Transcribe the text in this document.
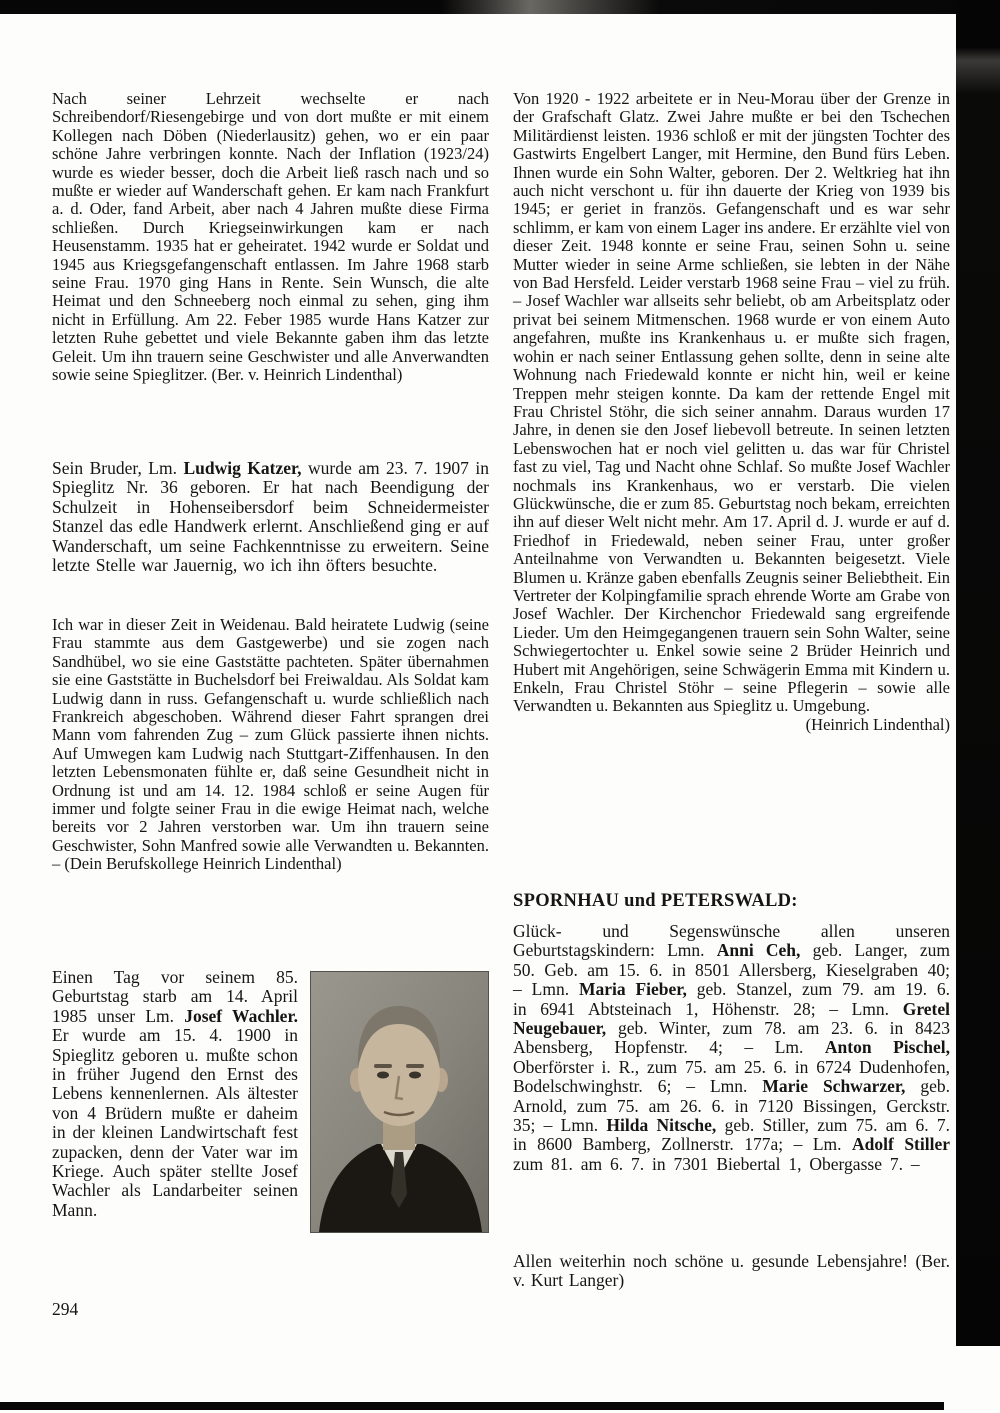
Nach seiner Lehrzeit wechselte er nach Schreibendorf/Riesengebirge und von dort mußte er mit einem Kollegen nach Döben (Niederlausitz) gehen, wo er ein paar schöne Jahre verbringen konnte. Nach der Inflation (1923/24) wurde es wieder besser, doch die Arbeit ließ rasch nach und so mußte er wieder auf Wanderschaft gehen. Er kam nach Frankfurt a. d. Oder, fand Arbeit, aber nach 4 Jahren mußte diese Firma schließen. Durch Kriegseinwirkungen kam er nach Heusenstamm. 1935 hat er geheiratet. 1942 wurde er Soldat und 1945 aus Kriegsgefangenschaft entlassen. Im Jahre 1968 starb seine Frau. 1970 ging Hans in Rente. Sein Wunsch, die alte Heimat und den Schneeberg noch einmal zu sehen, ging ihm nicht in Erfüllung. Am 22. Feber 1985 wurde Hans Katzer zur letzten Ruhe gebettet und viele Bekannte gaben ihm das letzte Geleit. Um ihn trauern seine Geschwister und alle Anverwandten sowie seine Spieglitzer. (Ber. v. Heinrich Lindenthal)
Sein Bruder, Lm. Ludwig Katzer, wurde am 23. 7. 1907 in Spieglitz Nr. 36 geboren. Er hat nach Beendigung der Schulzeit in Hohenseibersdorf beim Schneidermeister Stanzel das edle Handwerk erlernt. Anschließend ging er auf Wanderschaft, um seine Fachkenntnisse zu erweitern. Seine letzte Stelle war Jauernig, wo ich ihn öfters besuchte.
Ich war in dieser Zeit in Weidenau. Bald heiratete Ludwig (seine Frau stammte aus dem Gastgewerbe) und sie zogen nach Sandhübel, wo sie eine Gaststätte pachteten. Später übernahmen sie eine Gaststätte in Buchelsdorf bei Freiwaldau. Als Soldat kam Ludwig dann in russ. Gefangenschaft u. wurde schließlich nach Frankreich abgeschoben. Während dieser Fahrt sprangen drei Mann vom fahrenden Zug – zum Glück passierte ihnen nichts. Auf Umwegen kam Ludwig nach Stuttgart-Ziffenhausen. In den letzten Lebensmonaten fühlte er, daß seine Gesundheit nicht in Ordnung ist und am 14. 12. 1984 schloß er seine Augen für immer und folgte seiner Frau in die ewige Heimat nach, welche bereits vor 2 Jahren verstorben war. Um ihn trauern seine Geschwister, Sohn Manfred sowie alle Verwandten u. Bekannten. – (Dein Berufskollege Heinrich Lindenthal)
Einen Tag vor seinem 85. Geburtstag starb am 14. April 1985 unser Lm. Josef Wachler. Er wurde am 15. 4. 1900 in Spieglitz geboren u. mußte schon in früher Jugend den Ernst des Lebens kennenlernen. Als ältester von 4 Brüdern mußte er daheim in der kleinen Landwirtschaft fest zupacken, denn der Vater war im Kriege. Auch später stellte Josef Wachler als Landarbeiter seinen Mann.
294
Von 1920 - 1922 arbeitete er in Neu-Morau über der Grenze in der Grafschaft Glatz. Zwei Jahre mußte er bei den Tschechen Militärdienst leisten. 1936 schloß er mit der jüngsten Tochter des Gastwirts Engelbert Langer, mit Hermine, den Bund fürs Leben. Ihnen wurde ein Sohn Walter, geboren. Der 2. Weltkrieg hat ihn auch nicht verschont u. für ihn dauerte der Krieg von 1939 bis 1945; er geriet in französ. Gefangenschaft und es war sehr schlimm, er kam von einem Lager ins andere. Er erzählte viel von dieser Zeit. 1948 konnte er seine Frau, seinen Sohn u. seine Mutter wieder in seine Arme schließen, sie lebten in der Nähe von Bad Hersfeld. Leider verstarb 1968 seine Frau – viel zu früh. – Josef Wachler war allseits sehr beliebt, ob am Arbeitsplatz oder privat bei seinem Mitmenschen. 1968 wurde er von einem Auto angefahren, mußte ins Krankenhaus u. er mußte sich fragen, wohin er nach seiner Entlassung gehen sollte, denn in seine alte Wohnung nach Friedewald konnte er nicht hin, weil er keine Treppen mehr steigen konnte. Da kam der rettende Engel mit Frau Christel Stöhr, die sich seiner annahm. Daraus wurden 17 Jahre, in denen sie den Josef liebevoll betreute. In seinen letzten Lebenswochen hat er noch viel gelitten u. das war für Christel fast zu viel, Tag und Nacht ohne Schlaf. So mußte Josef Wachler nochmals ins Krankenhaus, wo er verstarb. Die vielen Glückwünsche, die er zum 85. Geburtstag noch bekam, erreichten ihn auf dieser Welt nicht mehr. Am 17. April d. J. wurde er auf d. Friedhof in Friedewald, neben seiner Frau, unter großer Anteilnahme von Verwandten u. Bekannten beigesetzt. Viele Blumen u. Kränze gaben ebenfalls Zeugnis seiner Beliebtheit. Ein Vertreter der Kolpingfamilie sprach ehrende Worte am Grabe von Josef Wachler. Der Kirchenchor Friedewald sang ergreifende Lieder. Um den Heimgegangenen trauern sein Sohn Walter, seine Schwiegertochter u. Enkel sowie seine 2 Brüder Heinrich und Hubert mit Angehörigen, seine Schwägerin Emma mit Kindern u. Enkeln, Frau Christel Stöhr – seine Pflegerin – sowie alle Verwandten u. Bekannten aus Spieglitz u. Umgebung.
(Heinrich Lindenthal)
SPORNHAU und PETERSWALD:
Glück- und Segenswünsche allen unseren Geburtstagskindern: Lmn. Anni Ceh, geb. Langer, zum 50. Geb. am 15. 6. in 8501 Allersberg, Kieselgraben 40; – Lmn. Maria Fieber, geb. Stanzel, zum 79. am 19. 6. in 6941 Abtsteinach 1, Höhenstr. 28; – Lmn. Gretel Neugebauer, geb. Winter, zum 78. am 23. 6. in 8423 Abensberg, Hopfenstr. 4; – Lm. Anton Pischel, Oberförster i. R., zum 75. am 25. 6. in 6724 Dudenhofen, Bodelschwinghstr. 6; – Lmn. Marie Schwarzer, geb. Arnold, zum 75. am 26. 6. in 7120 Bissingen, Gerckstr. 35; – Lmn. Hilda Nitsche, geb. Stiller, zum 75. am 6. 7. in 8600 Bamberg, Zollnerstr. 177a; – Lm. Adolf Stiller zum 81. am 6. 7. in 7301 Biebertal 1, Obergasse 7. –
Allen weiterhin noch schöne u. gesunde Lebensjahre! (Ber. v. Kurt Langer)
